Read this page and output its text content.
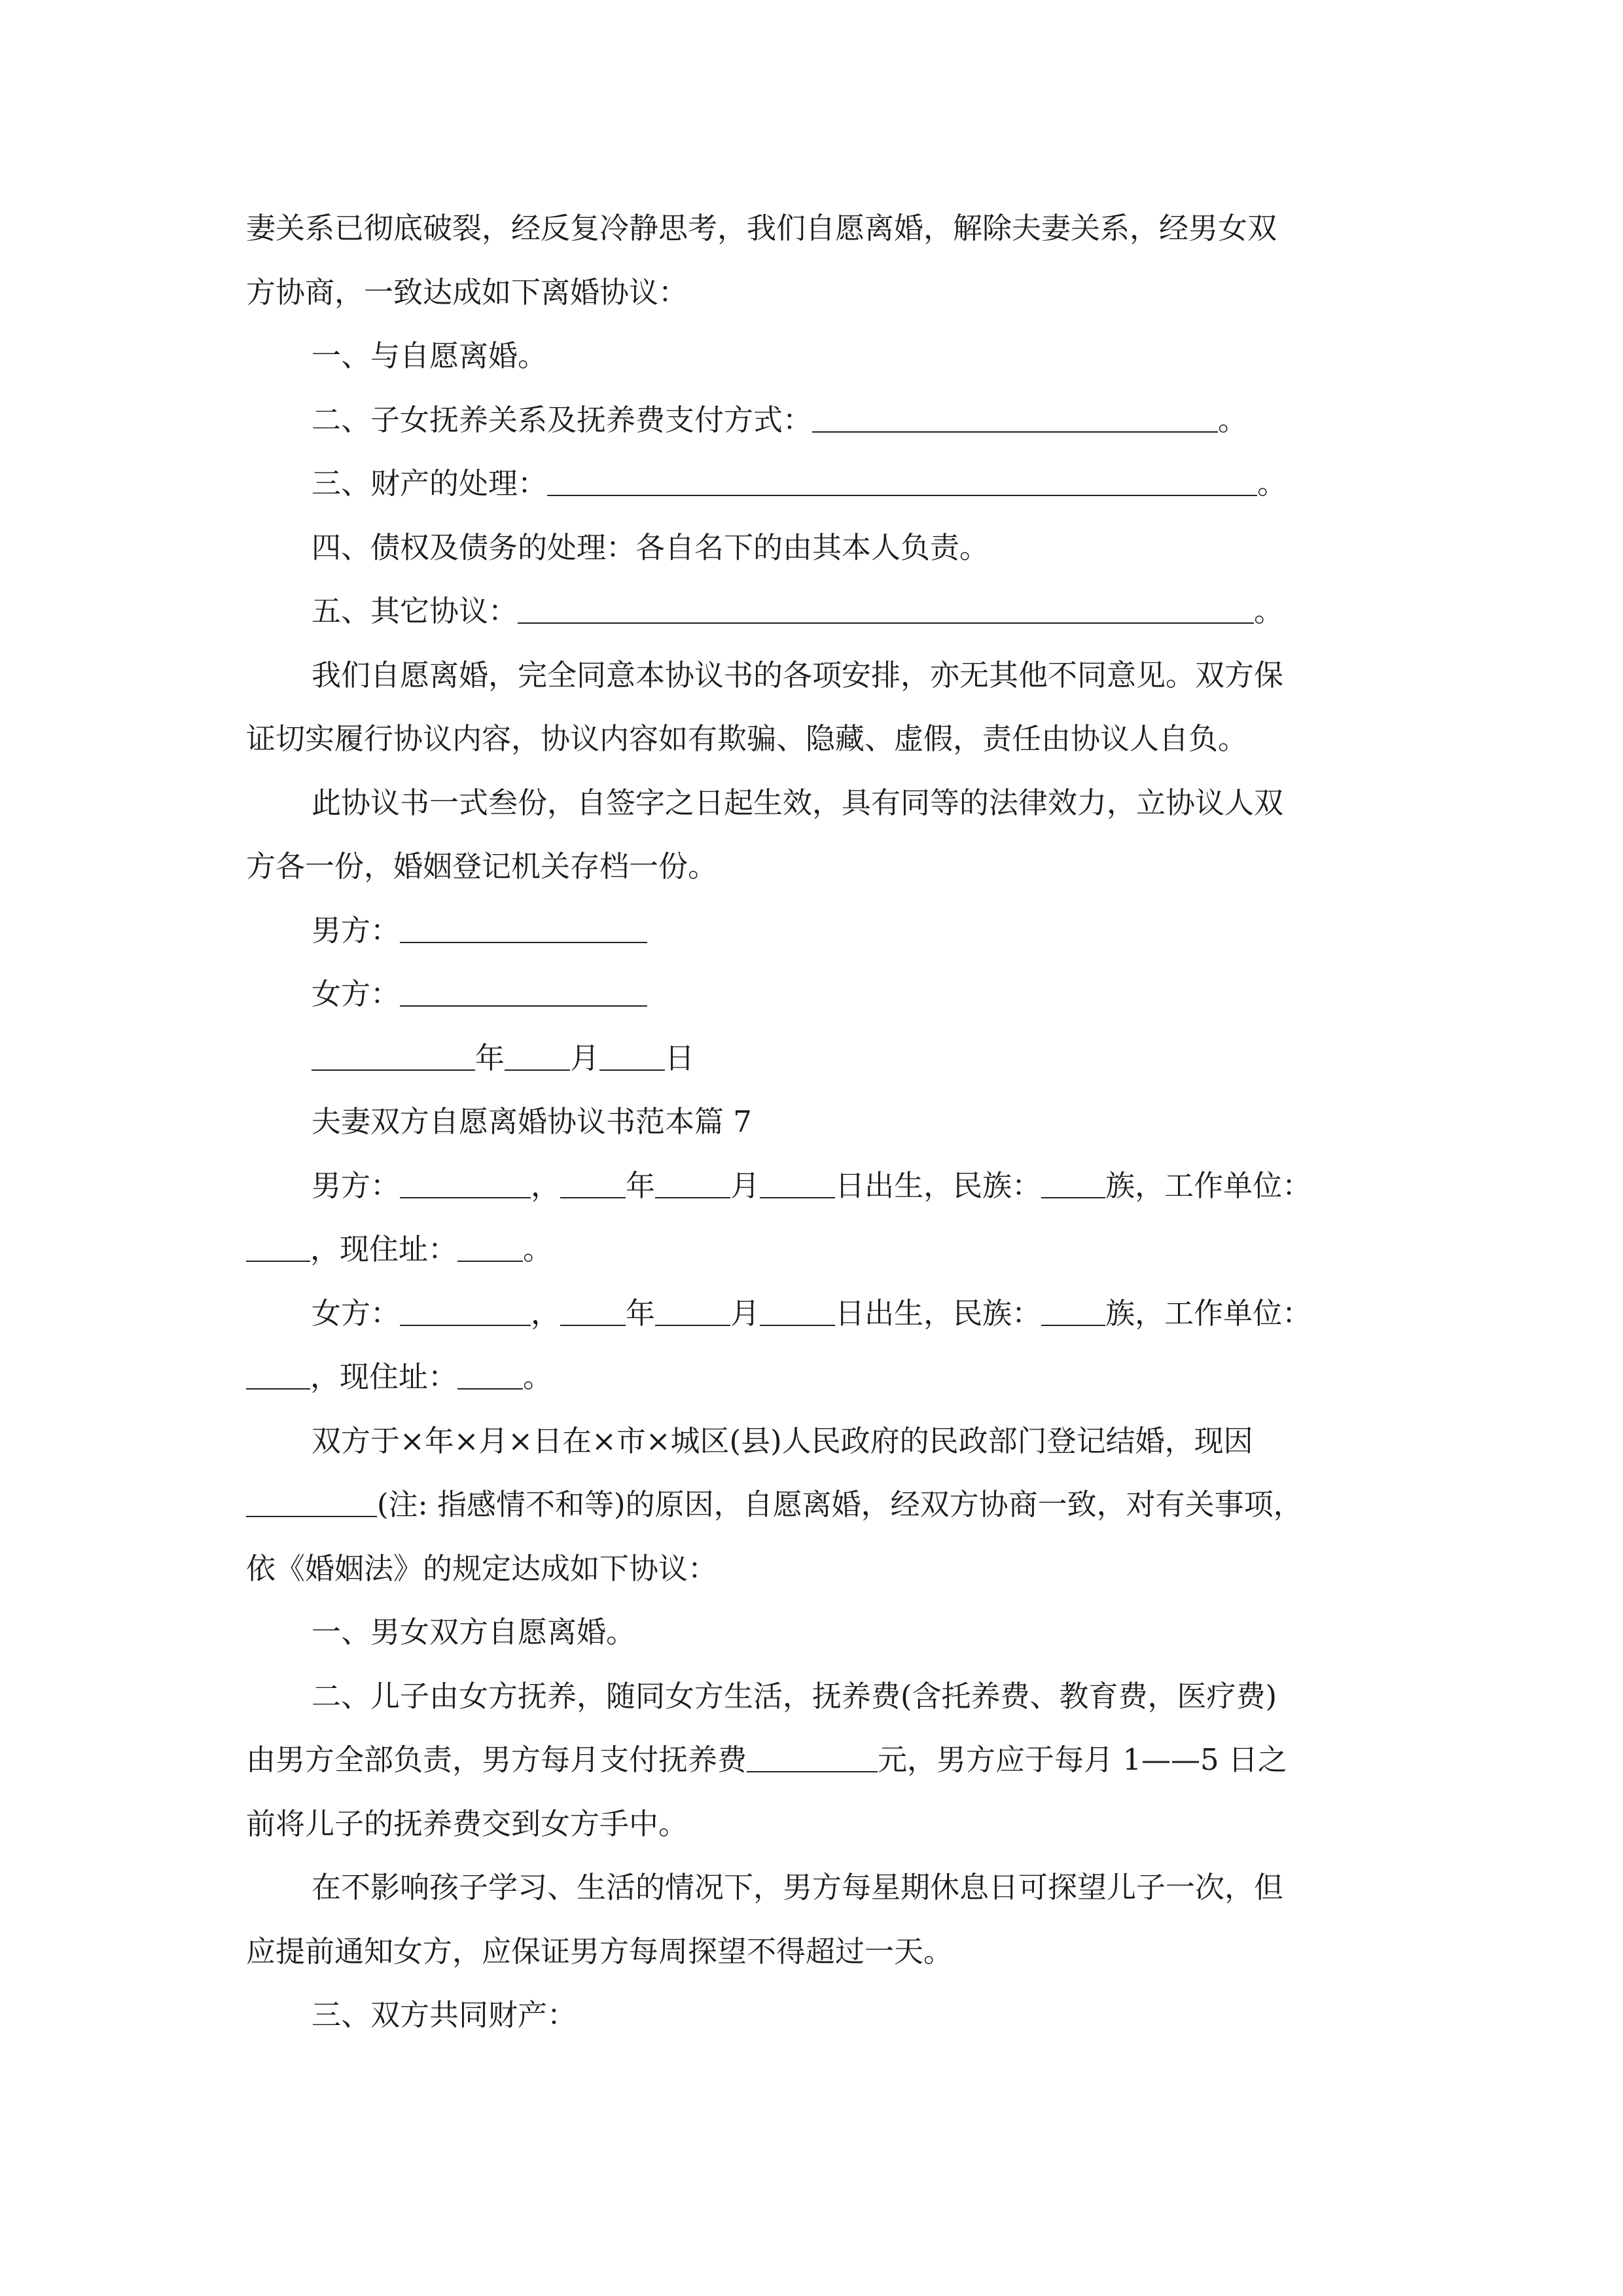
妻关系已彻底破裂，经反复冷静思考，我们自愿离婚，解除夫妻关系，经男女双

方协商，一致达成如下离婚协议：

一、与自愿离婚。

二、子女抚养关系及抚养费支付方式：	。

三、财产的处理：	。

四、债权及债务的处理：各自名下的由其本人负责。

五、其它协议：	。

我们自愿离婚，完全同意本协议书的各项安排，亦无其他不同意见。双方保

证切实履行协议内容，协议内容如有欺骗、隐藏、虚假，责任由协议人自负。

此协议书一式叁份，自签字之日起生效，具有同等的法律效力，立协议人双

方各一份，婚姻登记机关存档一份。

男方：

女方：

年 月 日

夫妻双方自愿离婚协议书范本篇 7

男方：	， 年	月	日出生，民族： 族，工作单位：

，现住址： 。

女方：	， 年	月	日出生，民族： 族，工作单位：

，现住址： 。

双方于×年×月×日在×市×城区(县)人民政府的民政部门登记结婚，现因

(注: 指感情不和等)的原因，自愿离婚，经双方协商一致，对有关事项，

依《婚姻法》的规定达成如下协议：

一、男女双方自愿离婚。

二、儿子由女方抚养，随同女方生活，抚养费(含托养费、教育费，医疗费)

由男方全部负责，男方每月支付抚养费	元，男方应于每月 1——5 日之

前将儿子的抚养费交到女方手中。

在不影响孩子学习、生活的情况下，男方每星期休息日可探望儿子一次，但

应提前通知女方，应保证男方每周探望不得超过一天。

三、双方共同财产：
